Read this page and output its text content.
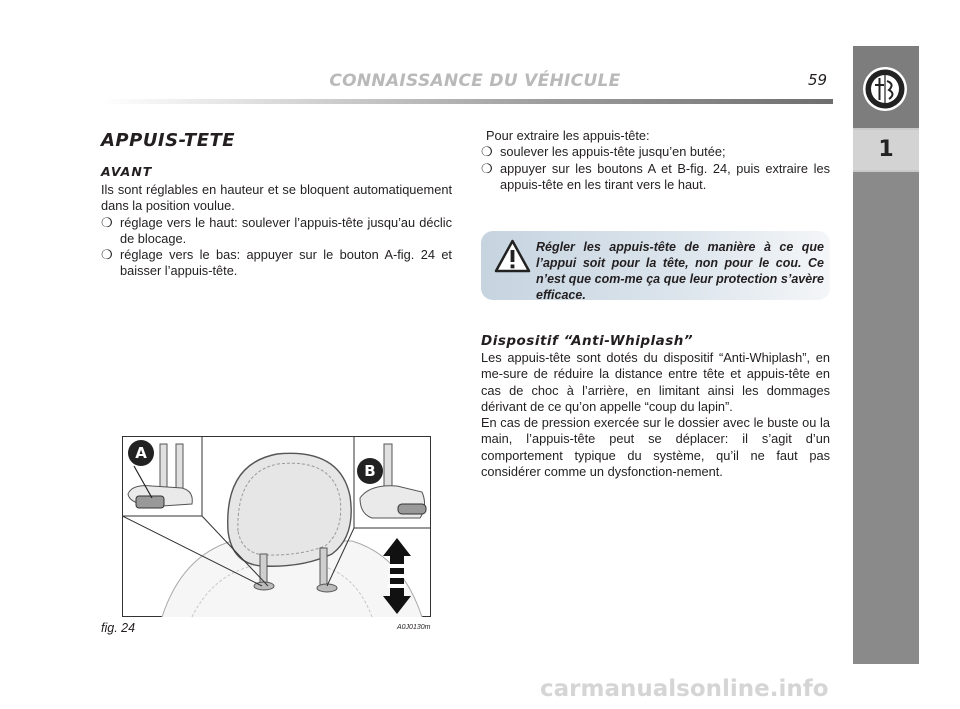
CONNAISSANCE DU VÉHICULE	59
1
APPUIS-TETE
AVANT

Ils sont réglables en hauteur et se bloquent automatiquement dans la position voulue.

❍ réglage vers le haut: soulever l’appuis-tête jusqu’au déclic de blocage.

❍ réglage vers le bas: appuyer sur le bouton A-fig. 24 et baisser l’appuis-tête.

Pour extraire les appuis-tête:

❍ soulever les appuis-tête jusqu’en butée;

❍ appuyer sur les boutons A et B-fig. 24, puis extraire les appuis-tête en les tirant vers le haut.

Régler les appuis-tête de manière à ce que l’appui soit pour la tête, non pour le cou. Ce n’est que com-me ça que leur protection s’avère efficace.

Dispositif “Anti-Whiplash”

Les appuis-tête sont dotés du dispositif “Anti-Whiplash”, en me-sure de réduire la distance entre tête et appuis-tête en cas de choc à l’arrière, en limitant ainsi les dommages dérivant de ce qu’on appelle “coup du lapin”.

En cas de pression exercée sur le dossier avec le buste ou la main, l’appuis-tête peut se déplacer: il s’agit d’un comportement typique du système, qu’il ne faut pas considérer comme un dysfonction-nement.

A
B
fig. 24	A0J0130m
carmanualsonline.info
